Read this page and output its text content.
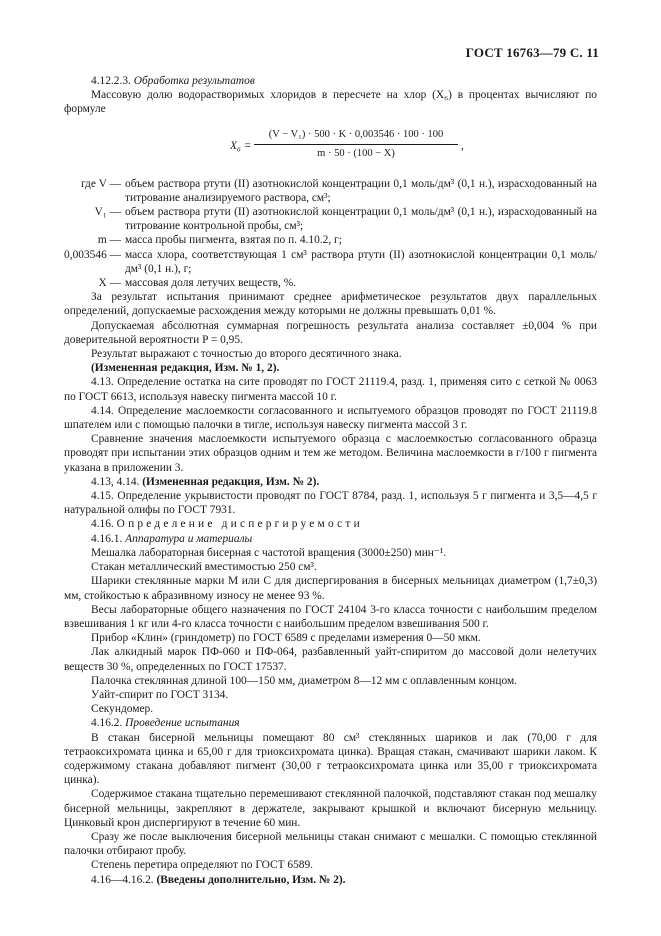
ГОСТ 16763—79 С. 11

4.12.2.3. Обработка результатов

Массовую долю водорастворимых хлоридов в пересчете на хлор (X₆) в процентах вычисляют по формуле

X₆ =
(V − V₁) · 500 · K · 0,003546 · 100 · 100
m · 50 · (100 − X)
,
где V — объем раствора ртути (II) азотнокислой концентрации 0,1 моль/дм³ (0,1 н.), израсходованный на титрование анализируемого раствора, см³;
V₁ — объем раствора ртути (II) азотнокислой концентрации 0,1 моль/дм³ (0,1 н.), израсходованный на титрование контрольной пробы, см³;
m — масса пробы пигмента, взятая по п. 4.10.2, г;
0,003546 — масса хлора, соответствующая 1 см³ раствора ртути (II) азотнокислой концентрации 0,1 моль/дм³ (0,1 н.), г;
X — массовая доля летучих веществ, %.

За результат испытания принимают среднее арифметическое результатов двух параллельных определений, допускаемые расхождения между которыми не должны превышать 0,01 %.

Допускаемая абсолютная суммарная погрешность результата анализа составляет ±0,004 % при доверительной вероятности P = 0,95.

Результат выражают с точностью до второго десятичного знака.

(Измененная редакция, Изм. № 1, 2).

4.13. Определение остатка на сите проводят по ГОСТ 21119.4, разд. 1, применяя сито с сеткой № 0063 по ГОСТ 6613, используя навеску пигмента массой 10 г.

4.14. Определение маслоемкости согласованного и испытуемого образцов проводят по ГОСТ 21119.8 шпателем или с помощью палочки в тигле, используя навеску пигмента массой 3 г.

Сравнение значения маслоемкости испытуемого образца с маслоемкостью согласованного образца проводят при испытании этих образцов одним и тем же методом. Величина маслоемкости в г/100 г пигмента указана в приложении 3.

4.13, 4.14. (Измененная редакция, Изм. № 2).

4.15. Определение укрывистости проводят по ГОСТ 8784, разд. 1, используя 5 г пигмента и 3,5—4,5 г натуральной олифы по ГОСТ 7931.

4.16. Определение диспергируемости

4.16.1. Аппаратура и материалы

Мешалка лабораторная бисерная с частотой вращения (3000±250) мин⁻¹.

Стакан металлический вместимостью 250 см³.

Шарики стеклянные марки М или С для диспергирования в бисерных мельницах диаметром (1,7±0,3) мм, стойкостью к абразивному износу не менее 93 %.

Весы лабораторные общего назначения по ГОСТ 24104 3-го класса точности с наибольшим пределом взвешивания 1 кг или 4-го класса точности с наибольшим пределом взвешивания 500 г.

Прибор «Клин» (гриндометр) по ГОСТ 6589 с пределами измерения 0—50 мкм.

Лак алкидный марок ПФ-060 и ПФ-064, разбавленный уайт-спиритом до массовой доли нелетучих веществ 30 %, определенных по ГОСТ 17537.

Палочка стеклянная длиной 100—150 мм, диаметром 8—12 мм с оплавленным концом.

Уайт-спирит по ГОСТ 3134.

Секундомер.

4.16.2. Проведение испытания

В стакан бисерной мельницы помещают 80 см³ стеклянных шариков и лак (70,00 г для тетраоксихромата цинка и 65,00 г для триоксихромата цинка). Вращая стакан, смачивают шарики лаком. К содержимому стакана добавляют пигмент (30,00 г тетраоксихромата цинка или 35,00 г триоксихромата цинка).

Содержимое стакана тщательно перемешивают стеклянной палочкой, подставляют стакан под мешалку бисерной мельницы, закрепляют в держателе, закрывают крышкой и включают бисерную мельницу. Цинковый крон диспергируют в течение 60 мин.

Сразу же после выключения бисерной мельницы стакан снимают с мешалки. С помощью стеклянной палочки отбирают пробу.

Степень перетира определяют по ГОСТ 6589.

4.16—4.16.2. (Введены дополнительно, Изм. № 2).
